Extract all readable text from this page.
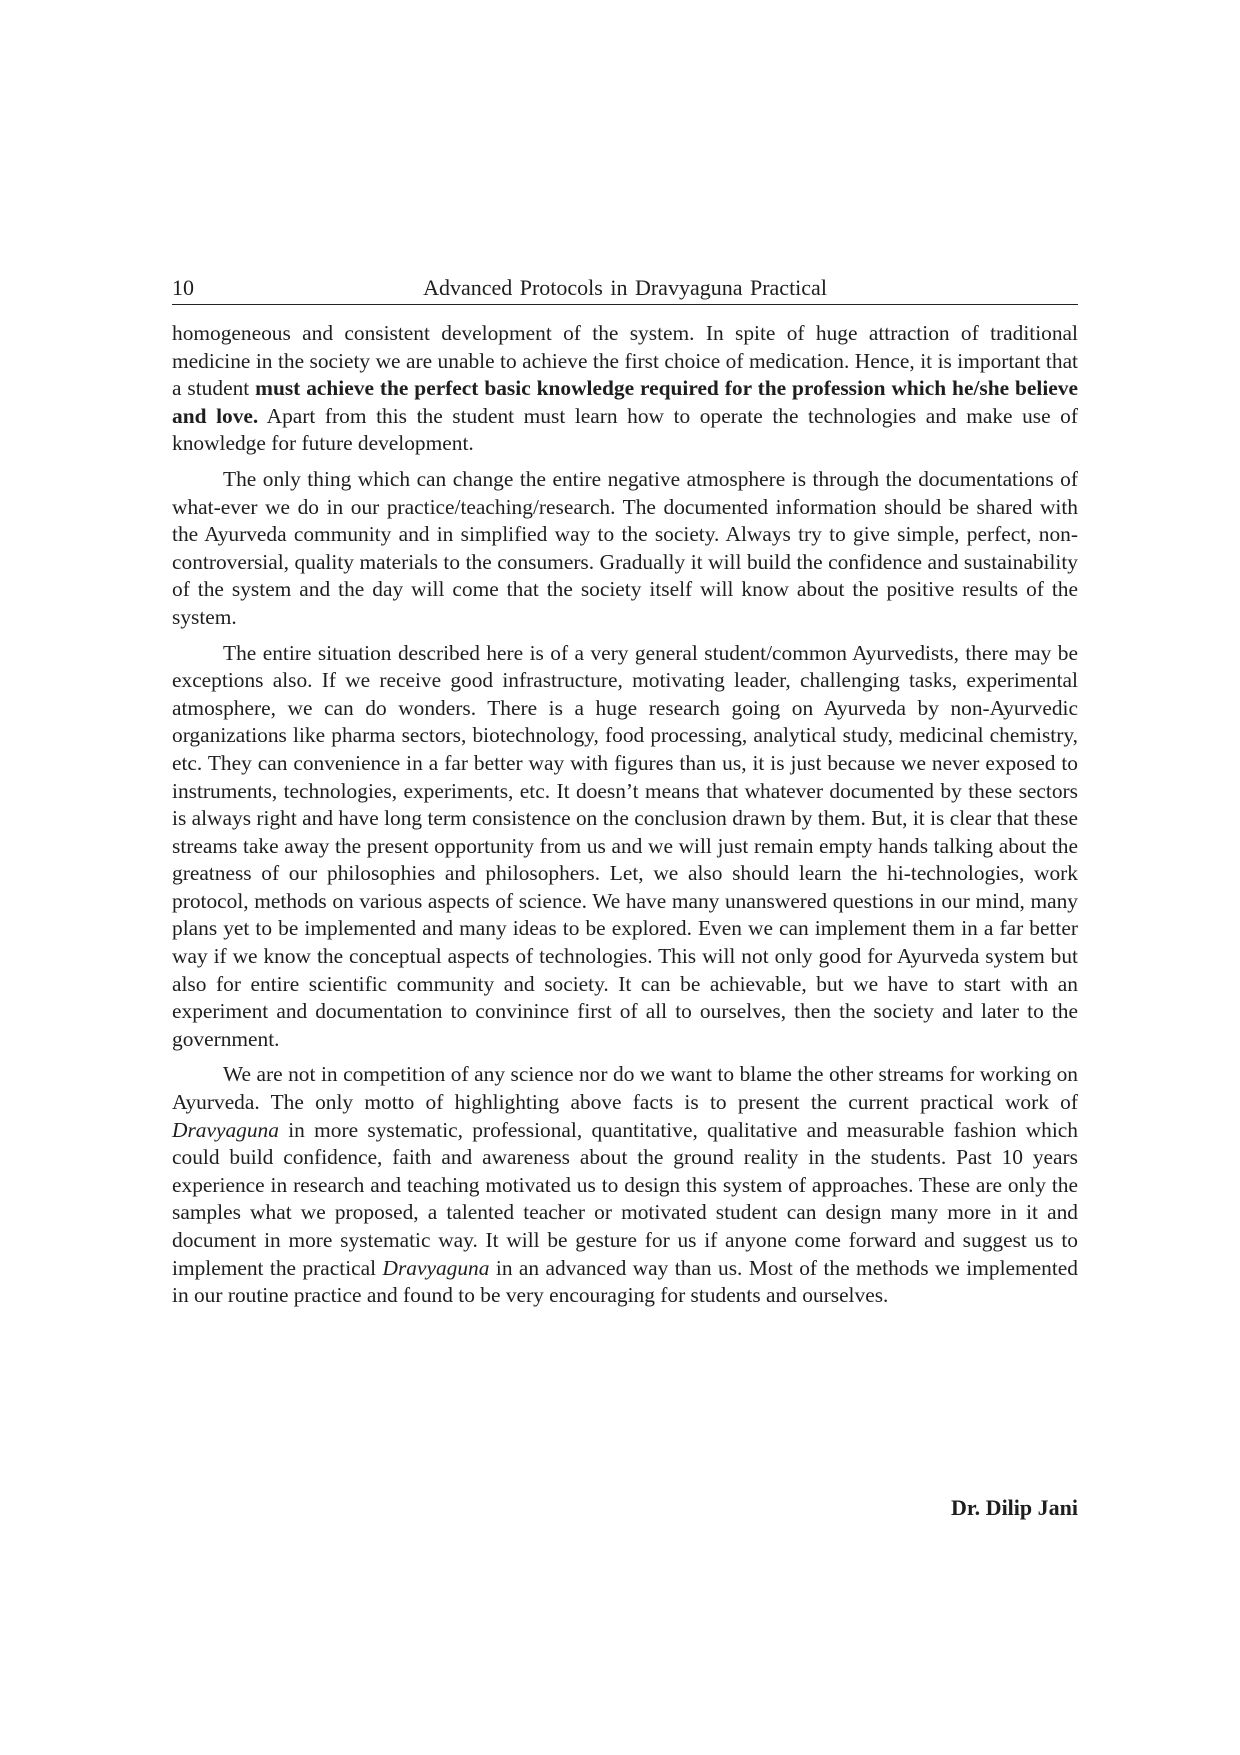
10	Advanced Protocols in Dravyaguna Practical

homogeneous and consistent development of the system. In spite of huge attraction of traditional medicine in the society we are unable to achieve the first choice of medication. Hence, it is important that a student must achieve the perfect basic knowledge required for the profession which he/she believe and love. Apart from this the student must learn how to operate the technologies and make use of knowledge for future development.

The only thing which can change the entire negative atmosphere is through the documentations of what-ever we do in our practice/teaching/research. The documented information should be shared with the Ayurveda community and in simplified way to the society. Always try to give simple, perfect, non-controversial, quality materials to the consumers. Gradually it will build the confidence and sustainability of the system and the day will come that the society itself will know about the positive results of the system.

The entire situation described here is of a very general student/common Ayurvedists, there may be exceptions also. If we receive good infrastructure, motivating leader, challenging tasks, experimental atmosphere, we can do wonders. There is a huge research going on Ayurveda by non-Ayurvedic organizations like pharma sectors, biotechnology, food processing, analytical study, medicinal chemistry, etc. They can convenience in a far better way with figures than us, it is just because we never exposed to instruments, technologies, experiments, etc. It doesn’t means that whatever documented by these sectors is always right and have long term consistence on the conclusion drawn by them. But, it is clear that these streams take away the present opportunity from us and we will just remain empty hands talking about the greatness of our philosophies and philosophers. Let, we also should learn the hi-technologies, work protocol, methods on various aspects of science. We have many unanswered questions in our mind, many plans yet to be implemented and many ideas to be explored. Even we can implement them in a far better way if we know the conceptual aspects of technologies. This will not only good for Ayurveda system but also for entire scientific community and society. It can be achievable, but we have to start with an experiment and documentation to convinince first of all to ourselves, then the society and later to the government.

We are not in competition of any science nor do we want to blame the other streams for working on Ayurveda. The only motto of highlighting above facts is to present the current practical work of Dravyaguna in more systematic, professional, quantitative, qualitative and measurable fashion which could build confidence, faith and awareness about the ground reality in the students. Past 10 years experience in research and teaching motivated us to design this system of approaches. These are only the samples what we proposed, a talented teacher or motivated student can design many more in it and document in more systematic way. It will be gesture for us if anyone come forward and suggest us to implement the practical Dravyaguna in an advanced way than us. Most of the methods we implemented in our routine practice and found to be very encouraging for students and ourselves.

Dr. Dilip Jani
